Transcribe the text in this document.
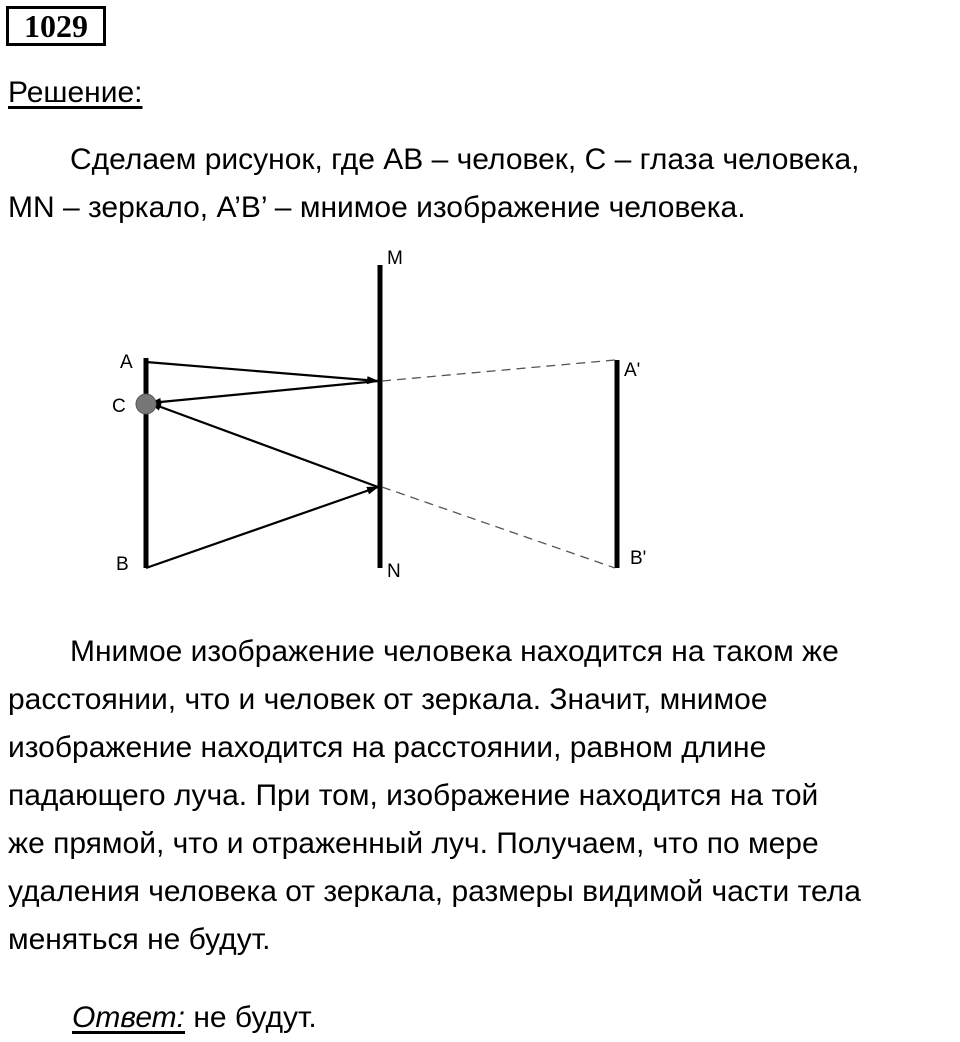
1029
Решение:
Сделаем рисунок, где АВ – человек, С – глаза человека,
MN – зеркало, A’B’ – мнимое изображение человека.
A
C
B
M
N
A'
B'
Мнимое изображение человека находится на таком же
расстоянии, что и человек от зеркала. Значит, мнимое
изображение находится на расстоянии, равном длине
падающего луча. При том, изображение находится на той
же прямой, что и отраженный луч. Получаем, что по мере
удаления человека от зеркала, размеры видимой части тела
меняться не будут.
Ответ: не будут.
